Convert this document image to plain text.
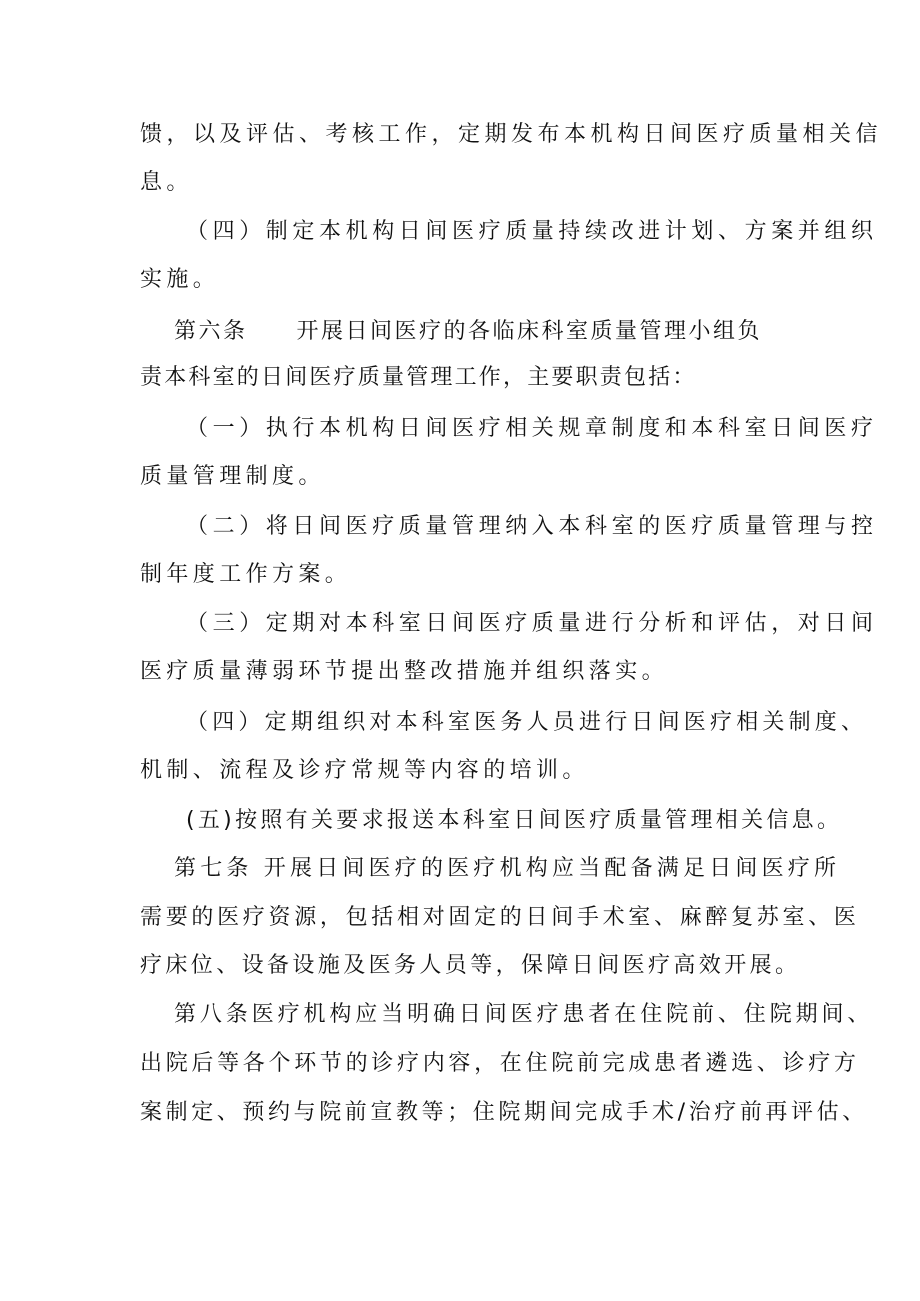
馈，以及评估、考核工作，定期发布本机构日间医疗质量相关信
息。
（四）制定本机构日间医疗质量持续改进计划、方案并组织
实施。
第六条　　开展日间医疗的各临床科室质量管理小组负
责本科室的日间医疗质量管理工作，主要职责包括：
（一）执行本机构日间医疗相关规章制度和本科室日间医疗
质量管理制度。
（二）将日间医疗质量管理纳入本科室的医疗质量管理与控
制年度工作方案。
（三）定期对本科室日间医疗质量进行分析和评估，对日间
医疗质量薄弱环节提出整改措施并组织落实。
（四）定期组织对本科室医务人员进行日间医疗相关制度、
机制、流程及诊疗常规等内容的培训。
(五)按照有关要求报送本科室日间医疗质量管理相关信息。
第七条 开展日间医疗的医疗机构应当配备满足日间医疗所
需要的医疗资源，包括相对固定的日间手术室、麻醉复苏室、医
疗床位、设备设施及医务人员等，保障日间医疗高效开展。
第八条医疗机构应当明确日间医疗患者在住院前、住院期间、
出院后等各个环节的诊疗内容，在住院前完成患者遴选、诊疗方
案制定、预约与院前宣教等；住院期间完成手术/治疗前再评估、
